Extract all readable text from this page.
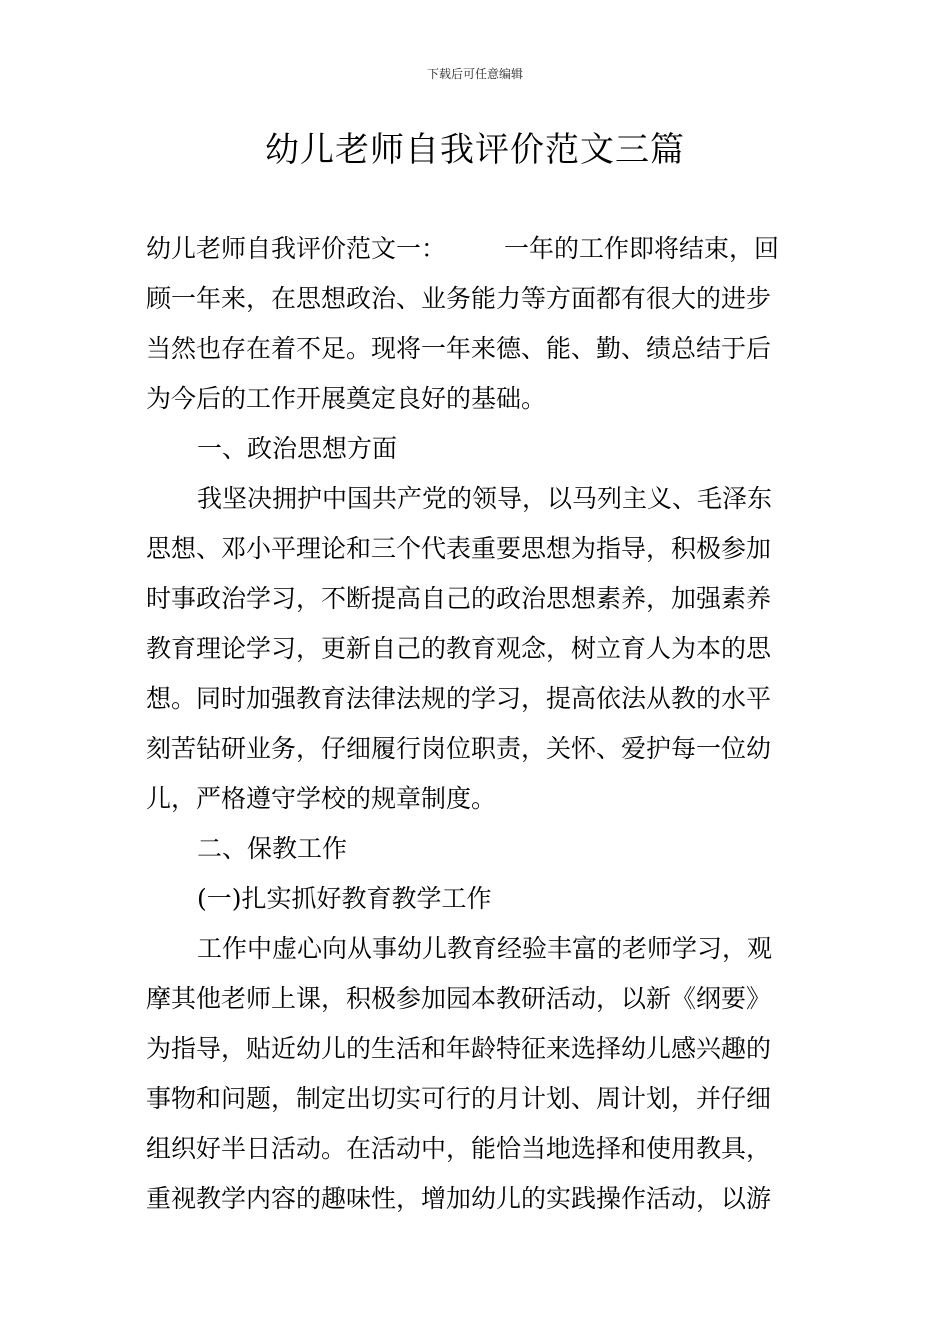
下载后可任意编辑
幼儿老师自我评价范文三篇
幼儿老师自我评价范文一： 一年的工作即将结束，回
顾一年来，在思想政治、业务能力等方面都有很大的进步
当然也存在着不足。现将一年来德、能、勤、绩总结于后
为今后的工作开展奠定良好的基础。
一、政治思想方面
我坚决拥护中国共产党的领导，以马列主义、毛泽东
思想、邓小平理论和三个代表重要思想为指导，积极参加
时事政治学习，不断提高自己的政治思想素养，加强素养
教育理论学习，更新自己的教育观念，树立育人为本的思
想。同时加强教育法律法规的学习，提高依法从教的水平
刻苦钻研业务，仔细履行岗位职责，关怀、爱护每一位幼
儿，严格遵守学校的规章制度。
二、保教工作
(一)扎实抓好教育教学工作
工作中虚心向从事幼儿教育经验丰富的老师学习，观
摩其他老师上课，积极参加园本教研活动，以新《纲要》
为指导，贴近幼儿的生活和年龄特征来选择幼儿感兴趣的
事物和问题，制定出切实可行的月计划、周计划，并仔细
组织好半日活动。在活动中，能恰当地选择和使用教具，
重视教学内容的趣味性，增加幼儿的实践操作活动，以游
